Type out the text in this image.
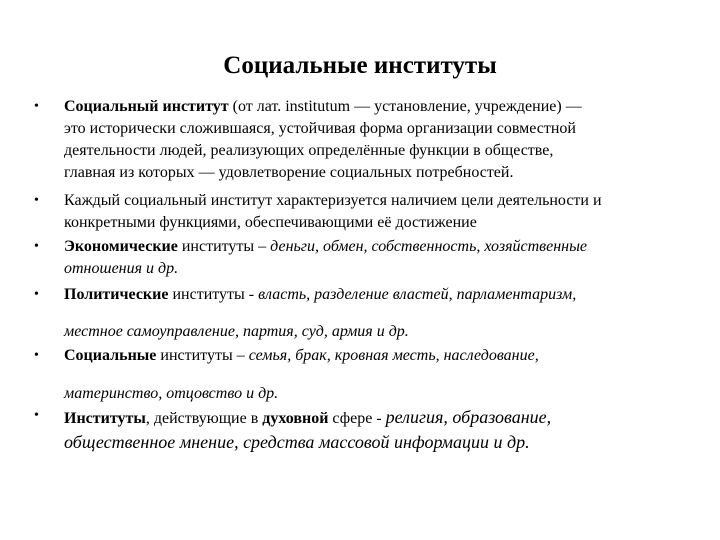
Социальные институты
• Социальный институт (от лат. institutum — установление, учреждение) —
это исторически сложившаяся, устойчивая форма организации совместной
деятельности людей, реализующих определённые функции в обществе,
главная из которых — удовлетворение социальных потребностей.
• Каждый социальный институт характеризуется наличием цели деятельности и
конкретными функциями, обеспечивающими её достижение
• Экономические институты – деньги, обмен, собственность, хозяйственные
отношения и др.
• Политические институты - власть, разделение властей, парламентаризм,
местное самоуправление, партия, суд, армия и др.
• Социальные институты – семья, брак, кровная месть, наследование,
материнство, отцовство и др.
• Институты, действующие в духовной сфере - религия, образование,
общественное мнение, средства массовой информации и др.
